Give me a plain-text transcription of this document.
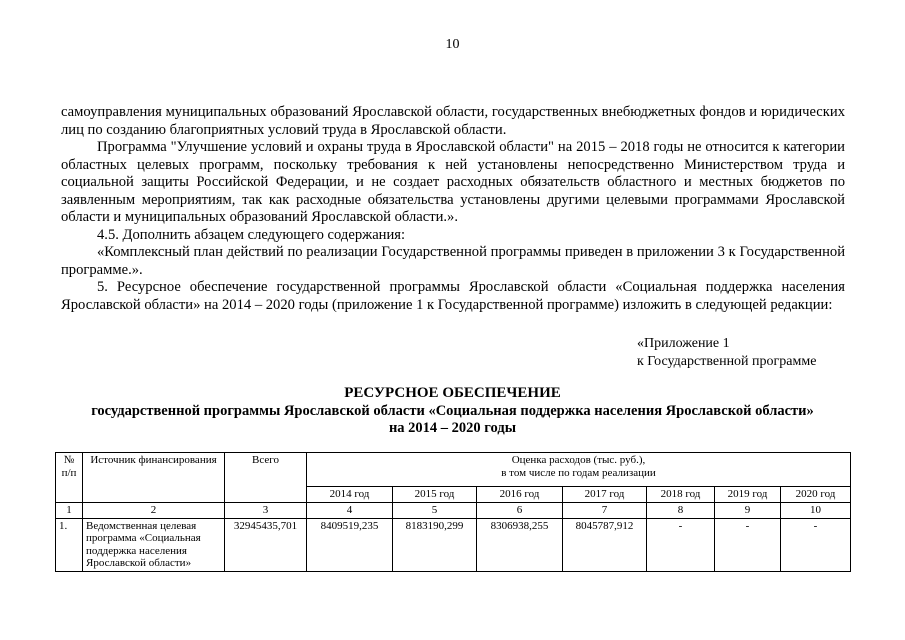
10

самоуправления муниципальных образований Ярославской области, государственных внебюджетных фондов и юридических лиц по созданию благоприятных условий труда в Ярославской области.

Программа "Улучшение условий и охраны труда в Ярославской области" на 2015 – 2018 годы не относится к категории областных целевых программ, поскольку требования к ней установлены непосредственно Министерством труда и социальной защиты Российской Федерации, и не создает расходных обязательств областного и местных бюджетов по заявленным мероприятиям, так как расходные обязательства установлены другими целевыми программами Ярославской области и муниципальных образований Ярославской области.».

4.5. Дополнить абзацем следующего содержания:

«Комплексный план действий по реализации Государственной программы приведен в приложении 3 к Государственной программе.».

5. Ресурсное обеспечение государственной программы Ярославской области «Социальная поддержка населения Ярославской области» на 2014 – 2020 годы (приложение 1 к Государственной программе) изложить в следующей редакции:

«Приложение 1
к Государственной программе
РЕСУРСНОЕ ОБЕСПЕЧЕНИЕ
государственной программы Ярославской области «Социальная поддержка населения Ярославской области»
на 2014 – 2020 годы
№ п/п	Источник финансирования	Всего	Оценка расходов (тыс. руб.),
в том числе по годам реализации						

			2014 год	2015 год	2016 год	2017 год	2018 год	2019 год	2020 год
1	2	3	4	5	6	7	8	9	10
1.	Ведомственная целевая программа «Социальная поддержка населения Ярославской области»	32945435,701	8409519,235	8183190,299	8306938,255	8045787,912	-	-	-
